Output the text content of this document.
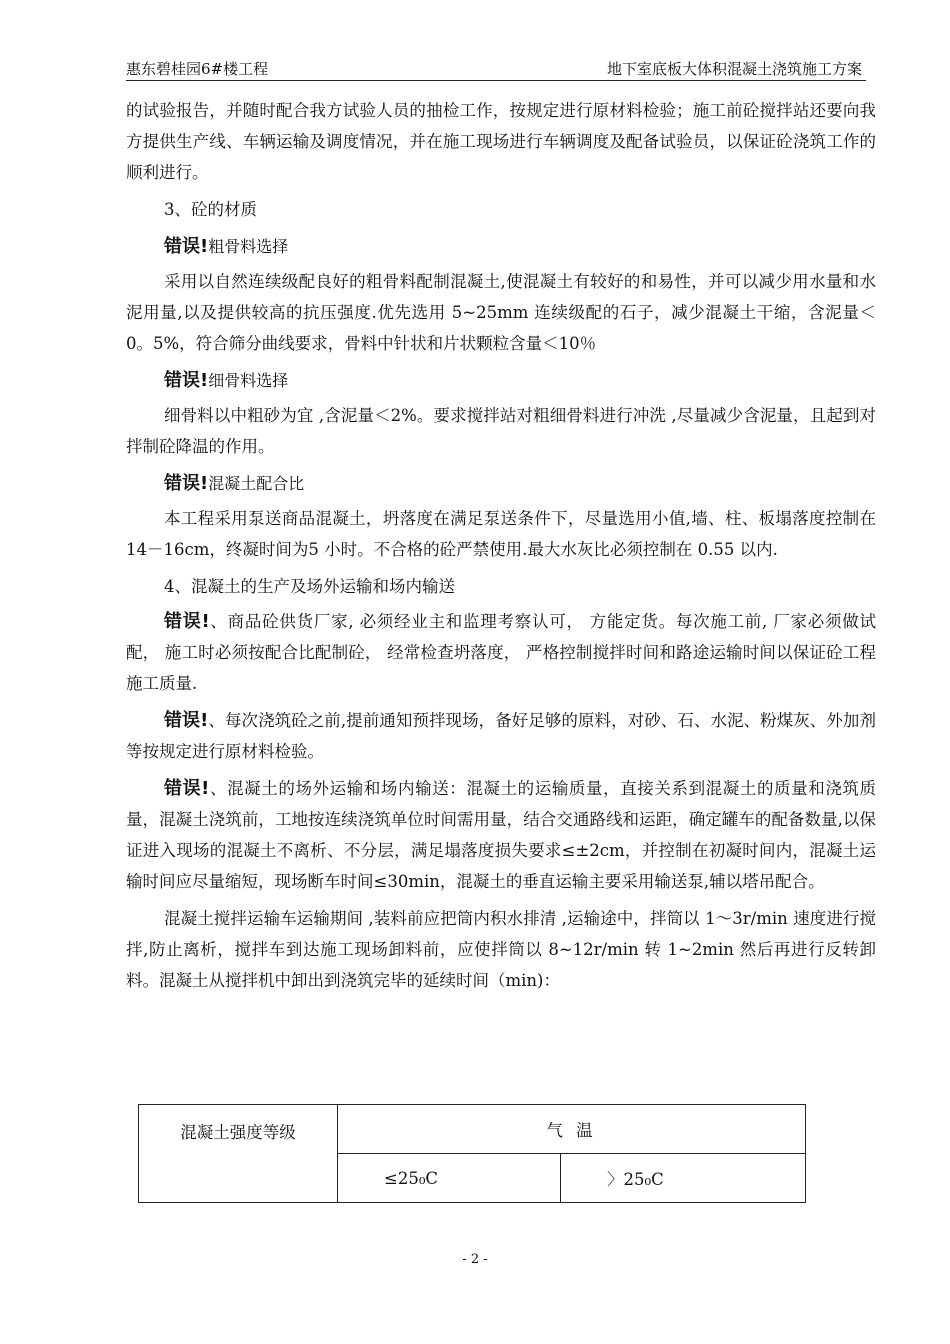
惠东碧桂园6#楼工程	地下室底板大体积混凝土浇筑施工方案

的试验报告，并随时配合我方试验人员的抽检工作，按规定进行原材料检验；施工前砼搅拌站还要向我方提供生产线、车辆运输及调度情况，并在施工现场进行车辆调度及配备试验员，以保证砼浇筑工作的顺利进行。

3、砼的材质

错误!粗骨料选择

采用以自然连续级配良好的粗骨料配制混凝土,使混凝土有较好的和易性，并可以减少用水量和水泥用量,以及提供较高的抗压强度.优先选用 5~25mm 连续级配的石子，减少混凝土干缩，含泥量＜0。5%，符合筛分曲线要求，骨料中针状和片状颗粒含量＜10％

错误!细骨料选择

细骨料以中粗砂为宜 ,含泥量＜2%。要求搅拌站对粗细骨料进行冲洗 ,尽量减少含泥量，且起到对拌制砼降温的作用。

错误!混凝土配合比

本工程采用泵送商品混凝土，坍落度在满足泵送条件下，尽量选用小值,墙、柱、板塌落度控制在 14－16cm，终凝时间为5 小时。不合格的砼严禁使用.最大水灰比必须控制在 0.55 以内.

4、混凝土的生产及场外运输和场内输送

错误!、商品砼供货厂家, 必须经业主和监理考察认可， 方能定货。每次施工前, 厂家必须做试配， 施工时必须按配合比配制砼， 经常检查坍落度， 严格控制搅拌时间和路途运输时间以保证砼工程施工质量.

错误!、每次浇筑砼之前,提前通知预拌现场，备好足够的原料，对砂、石、水泥、粉煤灰、外加剂等按规定进行原材料检验。

错误!、混凝土的场外运输和场内输送：混凝土的运输质量，直接关系到混凝土的质量和浇筑质量，混凝土浇筑前，工地按连续浇筑单位时间需用量，结合交通路线和运距，确定罐车的配备数量,以保证进入现场的混凝土不离析、不分层，满足塌落度损失要求≤±2cm，并控制在初凝时间内，混凝土运输时间应尽量缩短，现场断车时间≤30min，混凝土的垂直运输主要采用输送泵,辅以塔吊配合。

混凝土搅拌运输车运输期间 ,装料前应把筒内积水排清 ,运输途中，拌筒以 1～3r/min 速度进行搅拌,防止离析，搅拌车到达施工现场卸料前，应使拌筒以 8~12r/min 转 1~2min 然后再进行反转卸料。混凝土从搅拌机中卸出到浇筑完毕的延续时间（min)：

混凝土强度等级	气 温	
	≤25₀C	〉25₀C
- 2 -
